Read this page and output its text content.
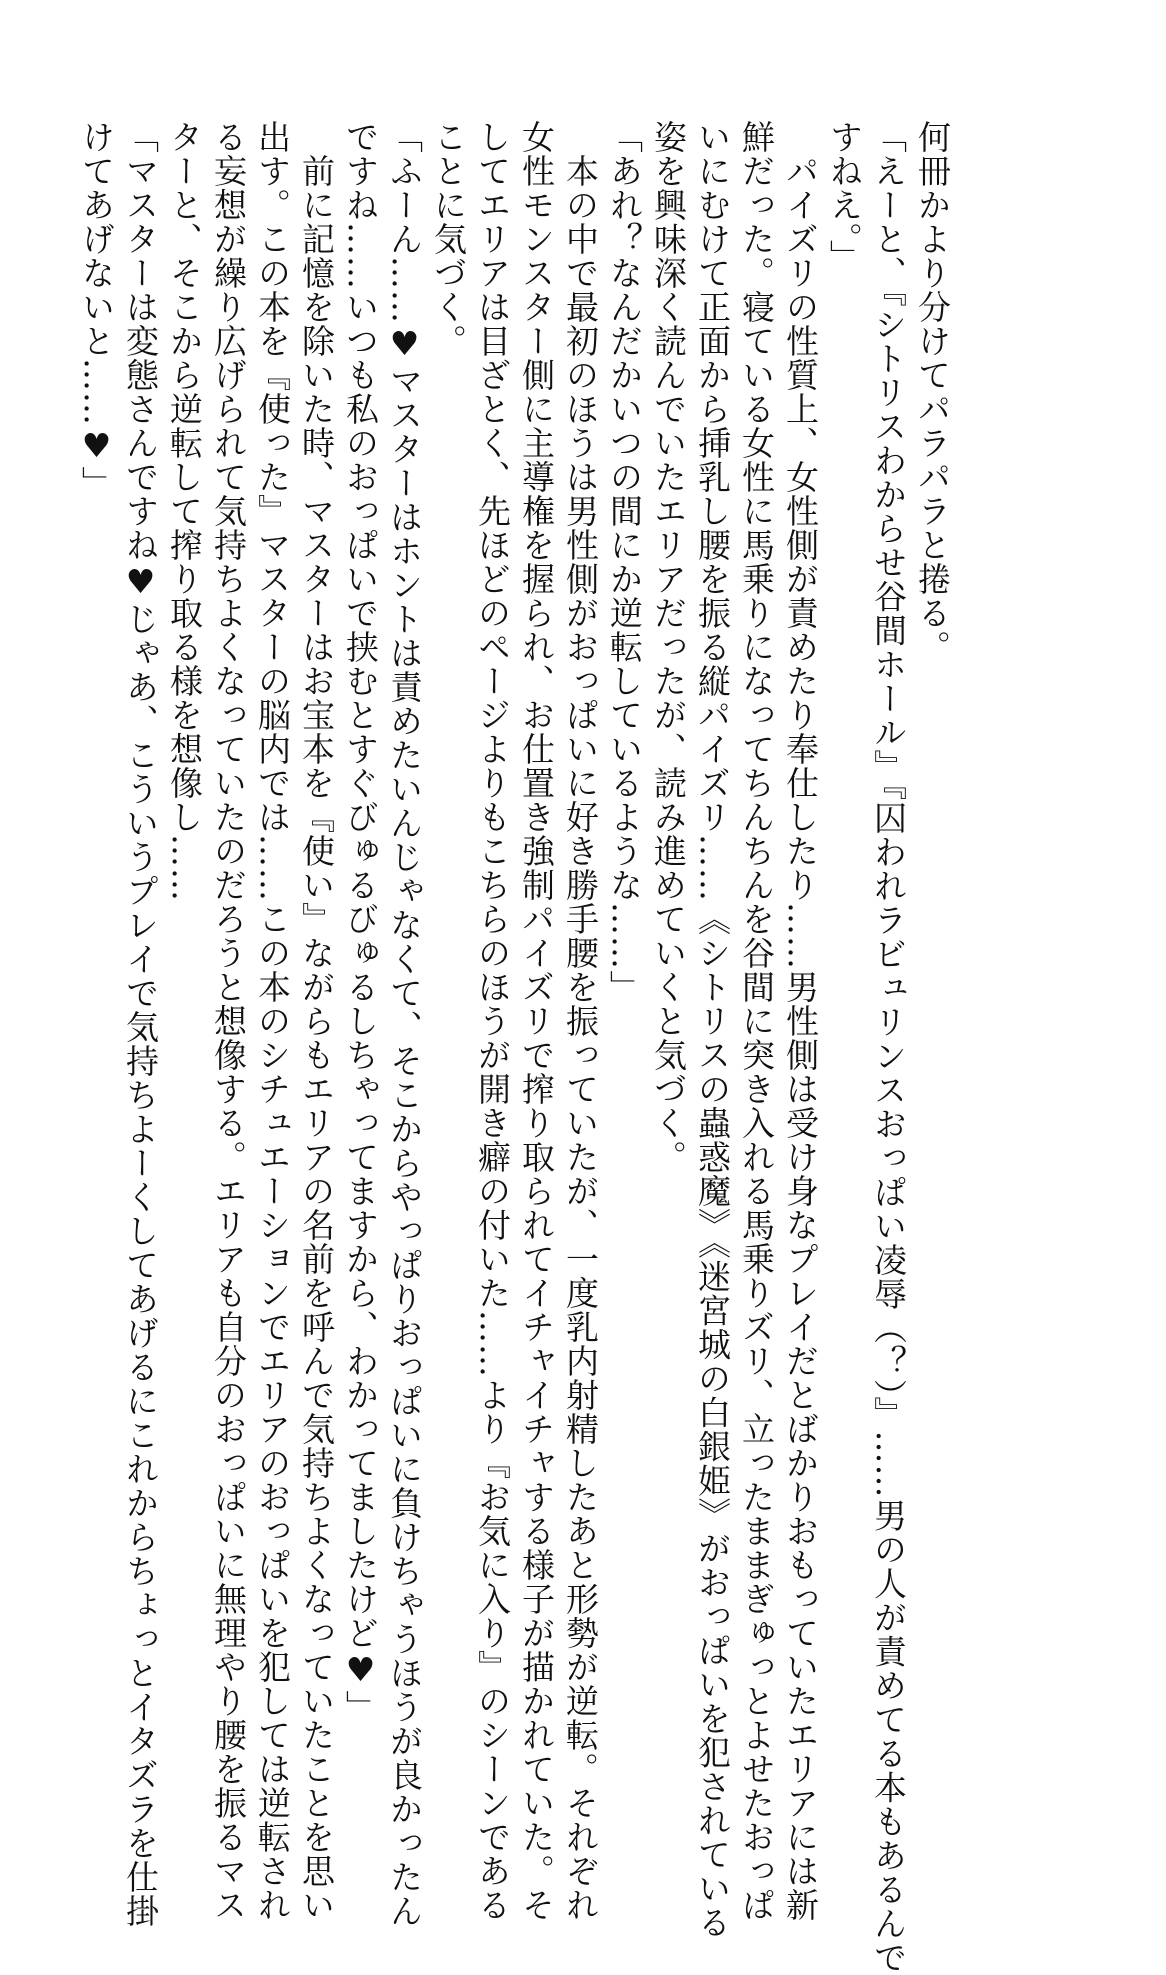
何冊かより分けてパラパラと捲る。
「えーと、『シトリスわからせ谷間ホール』『囚われラビュリンスおっぱい凌辱（？）』……男の人が責めてる本もあるんで
すねえ。」
　パイズリの性質上、女性側が責めたり奉仕したり……男性側は受け身なプレイだとばかりおもっていたエリアには新
鮮だった。寝ている女性に馬乗りになってちんちんを谷間に突き入れる馬乗りズリ、立ったままぎゅっとよせたおっぱ
いにむけて正面から挿乳し腰を振る縦パイズリ……《シトリスの蟲惑魔》《迷宮城の白銀姫》がおっぱいを犯されている
姿を興味深く読んでいたエリアだったが、読み進めていくと気づく。
「あれ？なんだかいつの間にか逆転しているような……」
　本の中で最初のほうは男性側がおっぱいに好き勝手腰を振っていたが、一度乳内射精したあと形勢が逆転。それぞれ
女性モンスター側に主導権を握られ、お仕置き強制パイズリで搾り取られてイチャイチャする様子が描かれていた。そ
してエリアは目ざとく、先ほどのページよりもこちらのほうが開き癖の付いた……より『お気に入り』のシーンである
ことに気づく。
「ふーん……♥マスターはホントは責めたいんじゃなくて、そこからやっぱりおっぱいに負けちゃうほうが良かったん
ですね……いつも私のおっぱいで挟むとすぐびゅるびゅるしちゃってますから、わかってましたけど♥」
　前に記憶を除いた時、マスターはお宝本を『使い』ながらもエリアの名前を呼んで気持ちよくなっていたことを思い
出す。この本を『使った』マスターの脳内では……この本のシチュエーションでエリアのおっぱいを犯しては逆転され
る妄想が繰り広げられて気持ちよくなっていたのだろうと想像する。エリアも自分のおっぱいに無理やり腰を振るマス
ターと、そこから逆転して搾り取る様を想像し……
「マスターは変態さんですね♥じゃあ、こういうプレイで気持ちよーくしてあげるにこれからちょっとイタズラを仕掛
けてあげないと……♥」
